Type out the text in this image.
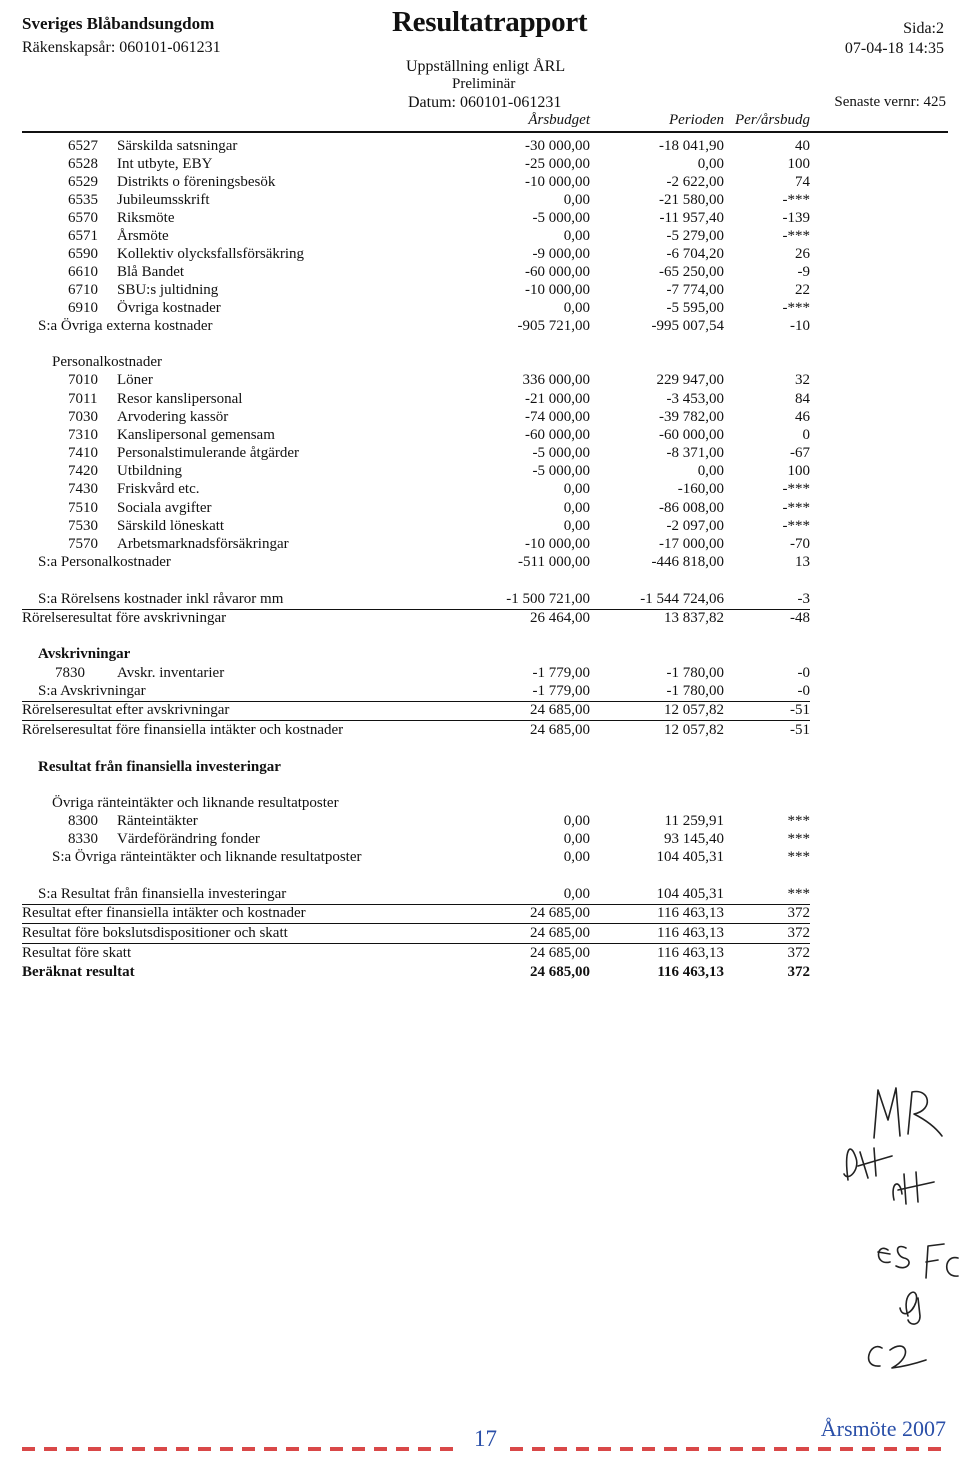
Sveriges Blåbandsungdom
Räkenskapsår: 060101-061231
Resultatrapport
Uppställning enligt ÅRL
Preliminär
Datum: 060101-061231
Sida:2
07-04-18 14:35
Senaste vernr: 425
Årsbudget	Perioden Per/årsbudg
6527 Särskilda satsningar	-30 000,00	-18 041,90	40
6528 Int utbyte, EBY	-25 000,00	0,00	100
6529 Distrikts o föreningsbesök	-10 000,00	-2 622,00	74
6535 Jubileumsskrift	0,00	-21 580,00	-***
6570 Riksmöte	-5 000,00	-11 957,40	-139
6571 Årsmöte	0,00	-5 279,00	-***
6590 Kollektiv olycksfallsförsäkring	-9 000,00	-6 704,20	26
6610 Blå Bandet	-60 000,00	-65 250,00	-9
6710 SBU:s jultidning	-10 000,00	-7 774,00	22
6910 Övriga kostnader	0,00	-5 595,00	-***
S:a Övriga externa kostnader	-905 721,00	-995 007,54	-10
Personalkostnader
7010 Löner	336 000,00	229 947,00	32
7011 Resor kanslipersonal	-21 000,00	-3 453,00	84
7030 Arvodering kassör	-74 000,00	-39 782,00	46
7310 Kanslipersonal gemensam	-60 000,00	-60 000,00	0
7410 Personalstimulerande åtgärder	-5 000,00	-8 371,00	-67
7420 Utbildning	-5 000,00	0,00	100
7430 Friskvård etc.	0,00	-160,00	-***
7510 Sociala avgifter	0,00	-86 008,00	-***
7530 Särskild löneskatt	0,00	-2 097,00	-***
7570 Arbetsmarknadsförsäkringar	-10 000,00	-17 000,00	-70
S:a Personalkostnader	-511 000,00	-446 818,00	13
S:a Rörelsens kostnader inkl råvaror mm	-1 500 721,00	-1 544 724,06	-3
Rörelseresultat före avskrivningar	26 464,00	13 837,82	-48
Avskrivningar
7830 Avskr. inventarier	-1 779,00	-1 780,00	-0
S:a Avskrivningar	-1 779,00	-1 780,00	-0
Rörelseresultat efter avskrivningar	24 685,00	12 057,82	-51
Rörelseresultat före finansiella intäkter och kostnader	24 685,00	12 057,82	-51
Resultat från finansiella investeringar
Övriga ränteintäkter och liknande resultatposter
8300 Ränteintäkter	0,00	11 259,91	***
8330 Värdeförändring fonder	0,00	93 145,40	***
S:a Övriga ränteintäkter och liknande resultatposter	0,00	104 405,31	***
S:a Resultat från finansiella investeringar	0,00	104 405,31	***
Resultat efter finansiella intäkter och kostnader	24 685,00	116 463,13	372
Resultat före bokslutsdispositioner och skatt	24 685,00	116 463,13	372
Resultat före skatt	24 685,00	116 463,13	372
Beräknat resultat	24 685,00	116 463,13	372
17	Årsmöte 2007
